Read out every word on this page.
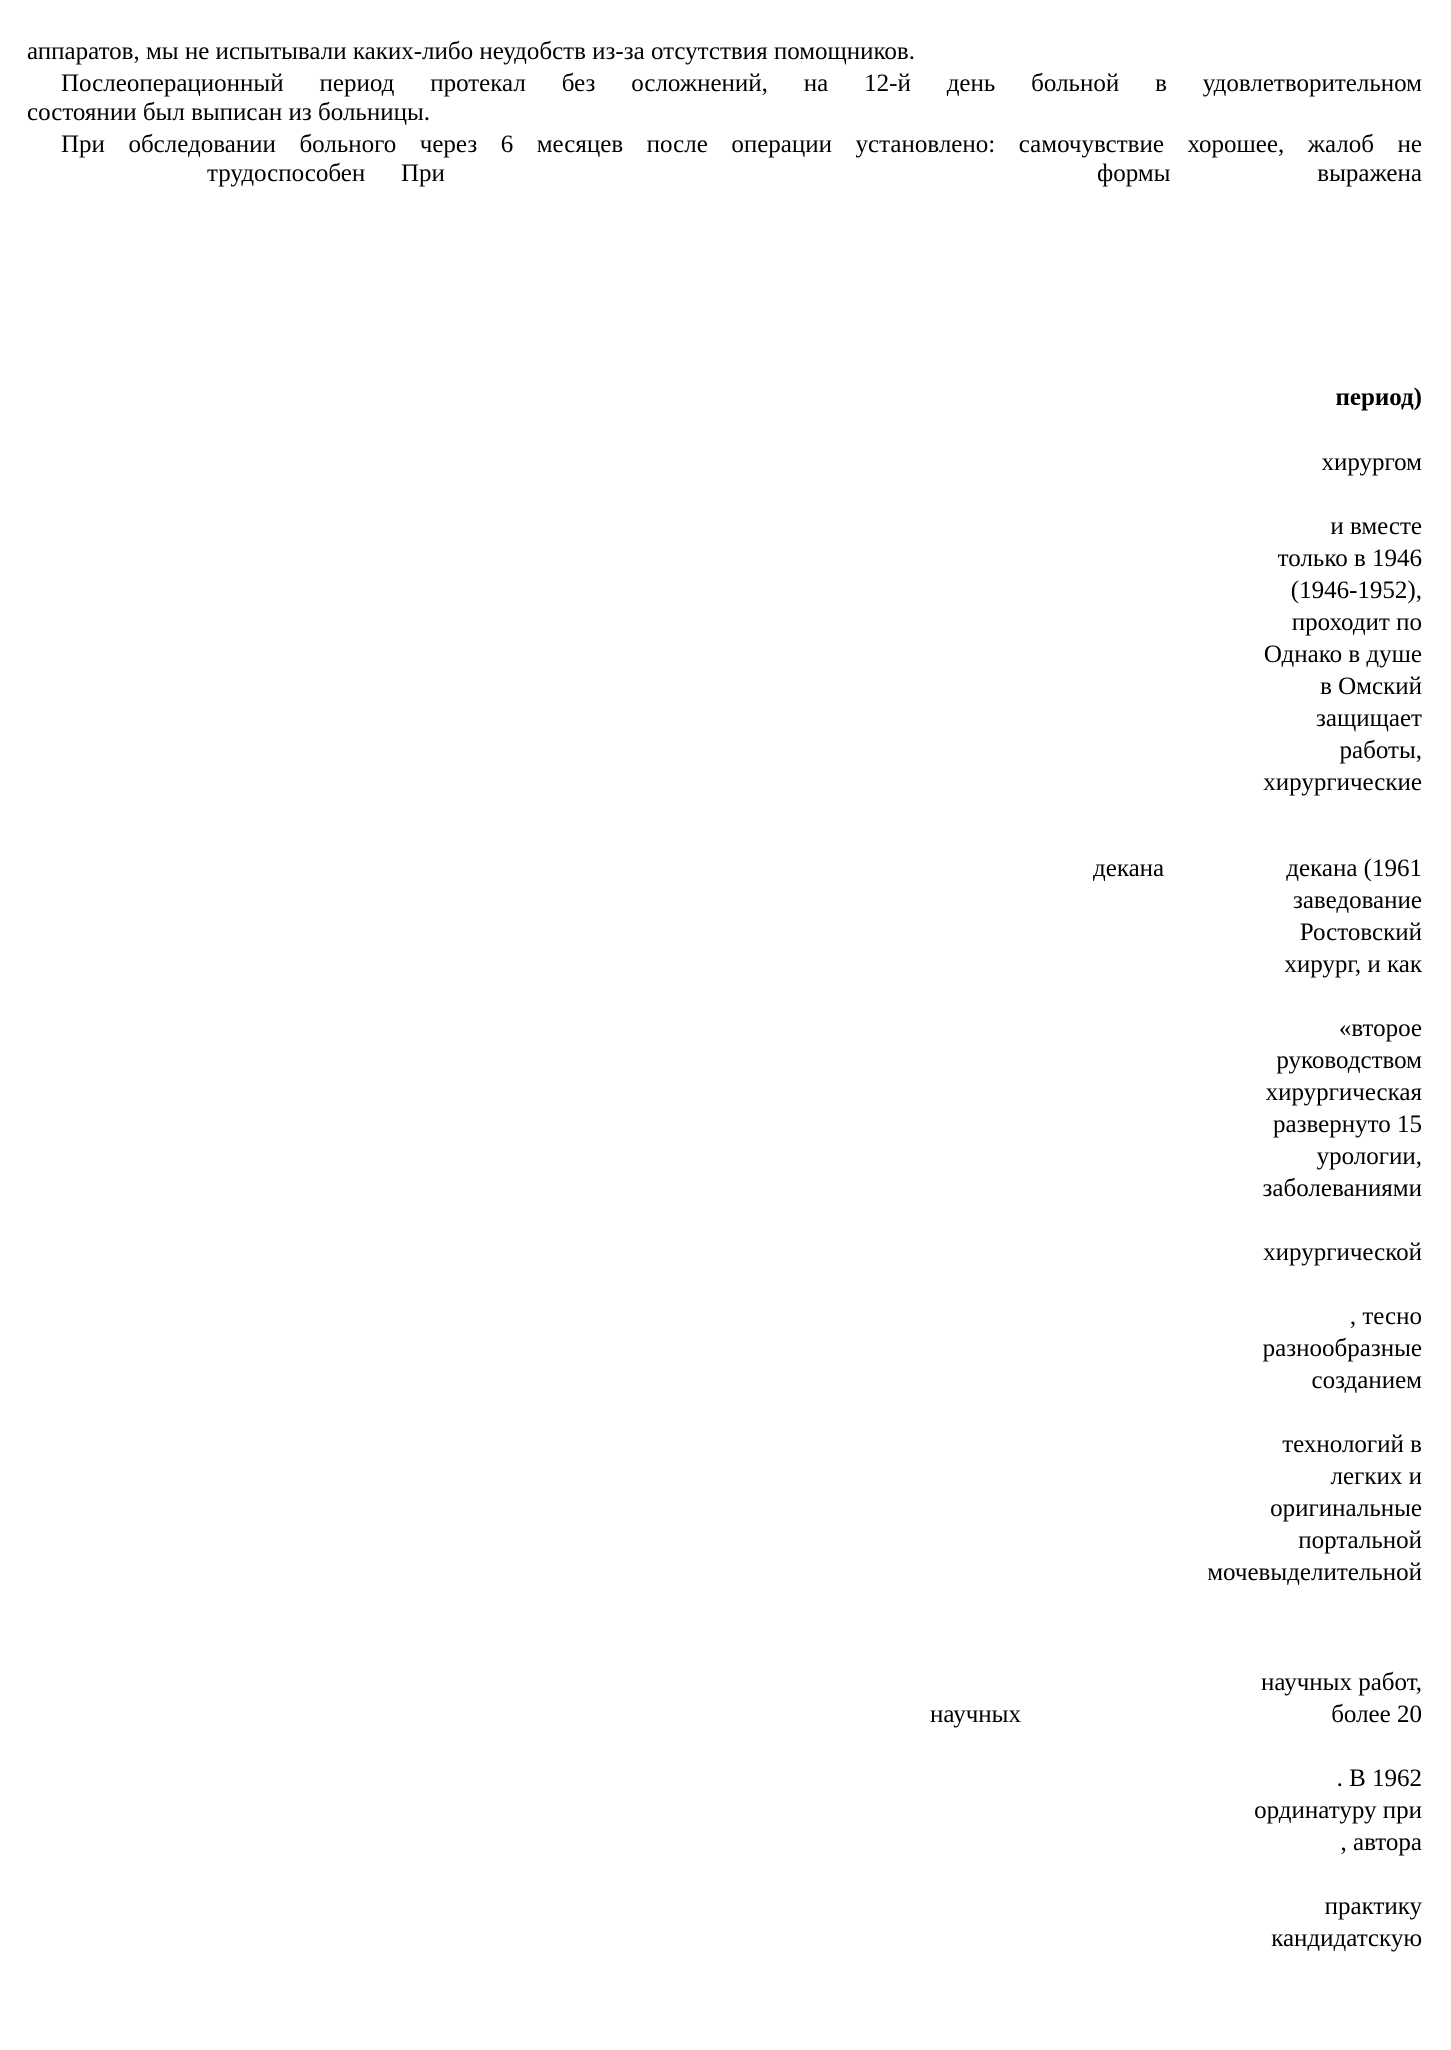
аппаратов, мы не испытывали каких-либо неудобств из-за отсутствия помощников.
Послеоперационный период протекал без осложнений, на 12-й день больной в удовлетворительном
состоянии был выписан из больницы.
При обследовании больного через 6 месяцев после операции установлено: самочувствие хорошее, жалоб не
трудоспособен При	формы	выражена
декана
научных
период)
хирургом
и вместе
только в 1946
(1946-1952),
проходит по
Однако в душе
в Омский
защищает
работы,
хирургические
декана (1961
заведование
Ростовский
хирург, и как
«второе
руководством
хирургическая
развернуто 15
урологии,
заболеваниями
хирургической
, тесно
разнообразные
созданием
технологий в
легких и
оригинальные
портальной
мочевыделительной
научных работ,
более 20
. В 1962
ординатуру при
, автора
практику
кандидатскую
